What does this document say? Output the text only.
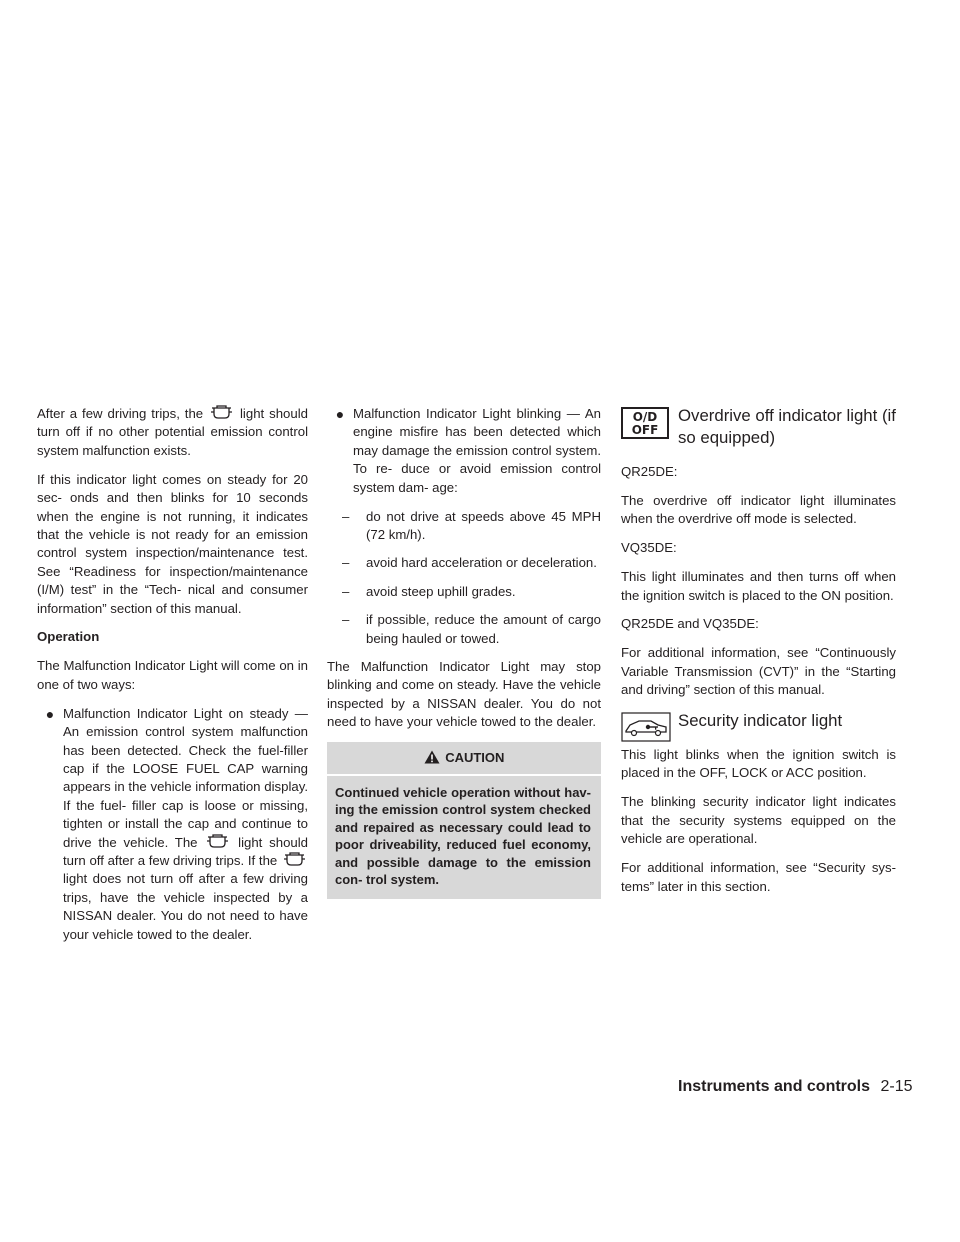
After a few driving trips, the	light should turn off if no other potential emission control system malfunction exists.

If this indicator light comes on steady for 20 sec- onds and then blinks for 10 seconds when the engine is not running, it indicates that the vehicle is not ready for an emission control system inspection/maintenance test. See “Readiness for inspection/maintenance (I/M) test” in the “Tech- nical and consumer information” section of this manual.

Operation

The Malfunction Indicator Light will come on in one of two ways:

● Malfunction Indicator Light on steady — An emission control system malfunction has been detected. Check the fuel-filler cap if the LOOSE FUEL CAP warning appears in the vehicle information display. If the fuel- filler cap is loose or missing, tighten or install the cap and continue to drive the vehicle. The	light should turn off after a few driving trips. If the  light does not turn off after a few driving trips, have the vehicle inspected by a NISSAN dealer. You do not need to have your vehicle towed to the dealer.
● Malfunction Indicator Light blinking — An engine misfire has been detected which may damage the emission control system. To re- duce or avoid emission control system dam- age:
–	do not drive at speeds above 45 MPH (72 km/h).
–	avoid hard acceleration or deceleration.
–	avoid steep uphill grades.
–	if possible, reduce the amount of cargo being hauled or towed.

The Malfunction Indicator Light may stop blinking and come on steady. Have the vehicle inspected by a NISSAN dealer. You do not need to have your vehicle towed to the dealer.

CAUTION
Continued vehicle operation without hav- ing the emission control system checked and repaired as necessary could lead to poor driveability, reduced fuel economy, and possible damage to the emission con- trol system.
O/D
OFF
Overdrive off indicator light (if so equipped)

QR25DE:

The overdrive off indicator light illuminates when the overdrive off mode is selected.

VQ35DE:

This light illuminates and then turns off when the ignition switch is placed to the ON position.

QR25DE and VQ35DE:

For additional information, see “Continuously Variable Transmission (CVT)” in the “Starting and driving” section of this manual.

Security indicator light

This light blinks when the ignition switch is placed in the OFF, LOCK or ACC position.

The blinking security indicator light indicates that the security systems equipped on the vehicle are operational.

For additional information, see “Security sys- tems” later in this section.

Instruments and controls 2-15
